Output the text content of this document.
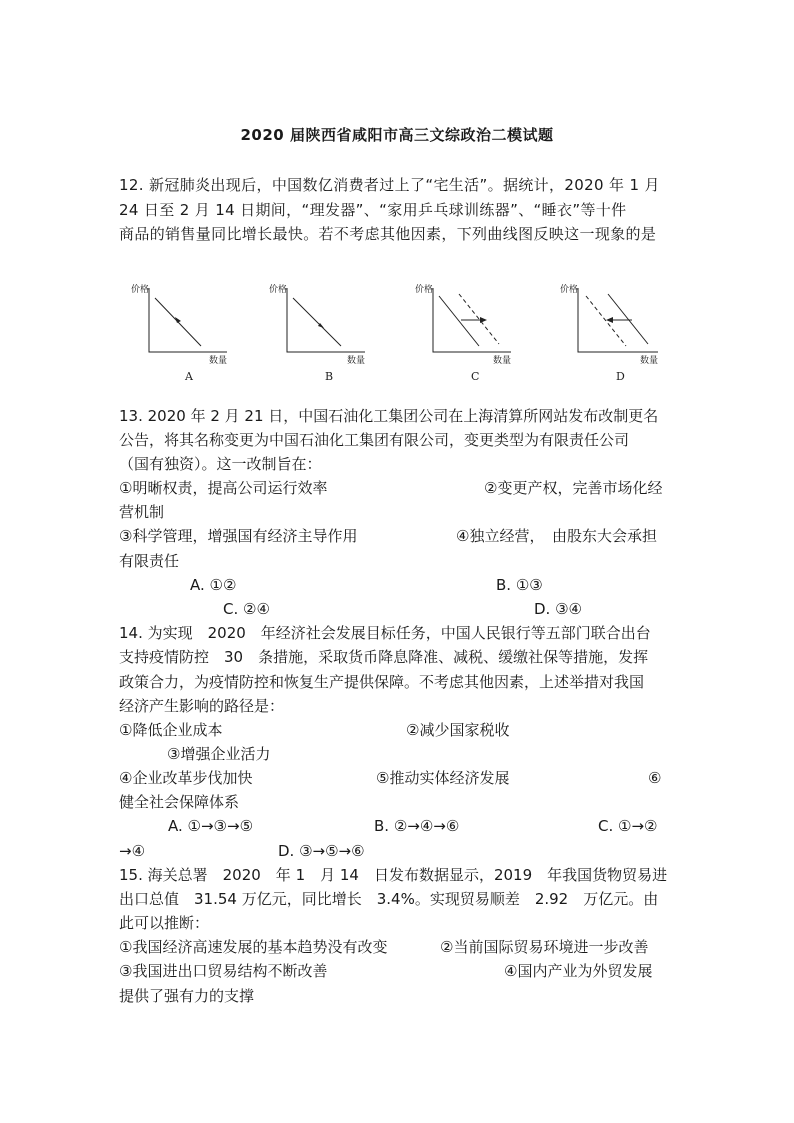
2020 届陕西省咸阳市高三文综政治二模试题
12. 新冠肺炎出现后，中国数亿消费者过上了“宅生活”。据统计，2020 年 1 月
24 日至 2 月 14 日期间，“理发器”、“家用乒乓球训练器”、“睡衣”等十件
商品的销售量同比增长最快。若不考虑其他因素，下列曲线图反映这一现象的是
价格
数量
A
价格
数量
B
价格
数量
C
价格
数量
D
13. 2020 年 2 月 21 日，中国石油化工集团公司在上海清算所网站发布改制更名
公告，将其名称变更为中国石油化工集团有限公司，变更类型为有限责任公司
（国有独资）。这一改制旨在：
①明晰权责，提高公司运行效率	②变更产权，完善市场化经
营机制
③科学管理，增强国有经济主导作用	④独立经营，　由股东大会承担
有限责任
A. ①②	B. ①③
C. ②④	D. ③④
14. 为实现　2020　年经济社会发展目标任务，中国人民银行等五部门联合出台
支持疫情防控　30　条措施，采取货币降息降准、减税、缓缴社保等措施，发挥
政策合力，为疫情防控和恢复生产提供保障。不考虑其他因素，上述举措对我国
经济产生影响的路径是：
①降低企业成本	②减少国家税收
③增强企业活力
④企业改革步伐加快	⑤推动实体经济发展	⑥
健全社会保障体系
A. ①→③→⑤	B. ②→④→⑥	C. ①→②
→④	D. ③→⑤→⑥
15. 海关总署　2020　年 1　月 14　日发布数据显示，2019　年我国货物贸易进
出口总值　31.54 万亿元，同比增长　3.4%。实现贸易顺差　2.92　万亿元。由
此可以推断：
①我国经济高速发展的基本趋势没有改变	②当前国际贸易环境进一步改善
③我国进出口贸易结构不断改善	④国内产业为外贸发展
提供了强有力的支撑
